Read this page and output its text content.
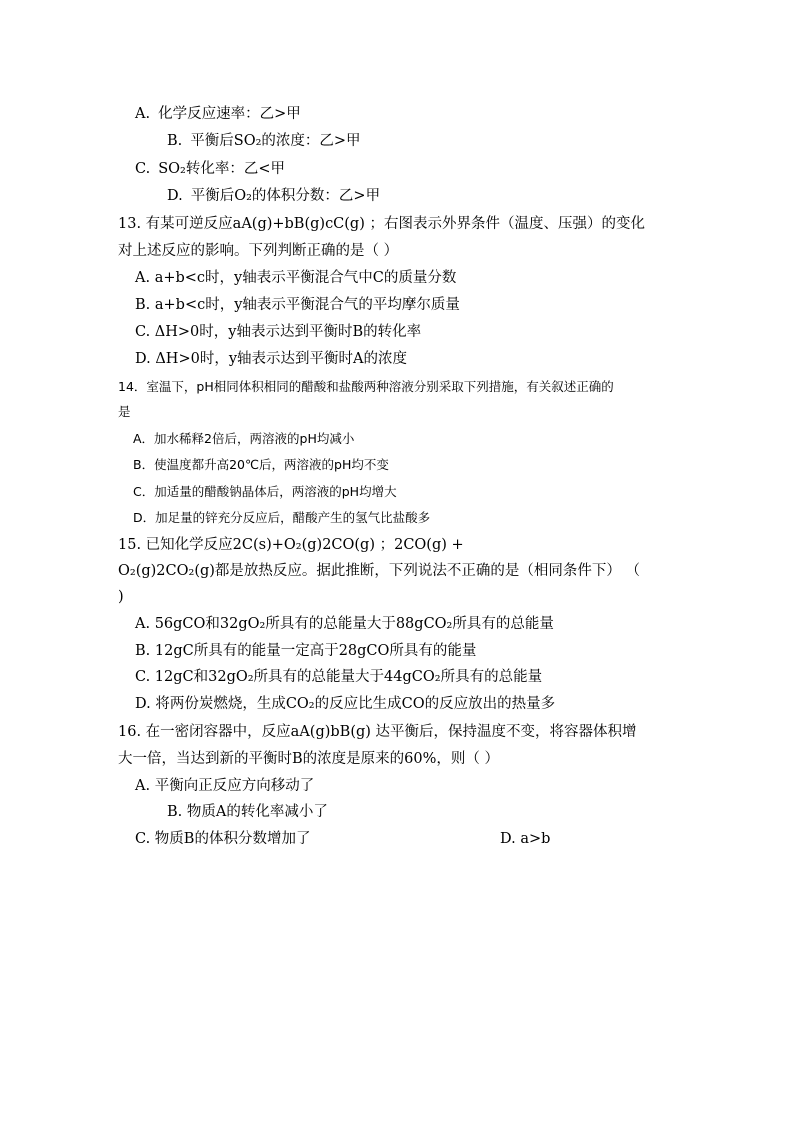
A. 化学反应速率：乙>甲
B. 平衡后SO₂的浓度：乙>甲
C. SO₂转化率：乙<甲
D. 平衡后O₂的体积分数：乙>甲
13. 有某可逆反应aA(g)+bB(g)cC(g) ；右图表示外界条件（温度、压强）的变化
对上述反应的影响。下列判断正确的是（ ）
A. a+b<c时，y轴表示平衡混合气中C的质量分数
B. a+b<c时，y轴表示平衡混合气的平均摩尔质量
C. ΔH>0时，y轴表示达到平衡时B的转化率
D. ΔH>0时，y轴表示达到平衡时A的浓度
14．室温下，pH相同体积相同的醋酸和盐酸两种溶液分别采取下列措施，有关叙述正确的
是
A．加水稀释2倍后，两溶液的pH均减小
B．使温度都升高20℃后，两溶液的pH均不变
C．加适量的醋酸钠晶体后，两溶液的pH均增大
D．加足量的锌充分反应后，醋酸产生的氢气比盐酸多
15. 已知化学反应2C(s)+O₂(g)2CO(g) ；2CO(g) +
O₂(g)2CO₂(g)都是放热反应。据此推断，下列说法不正确的是（相同条件下） （
)
A. 56gCO和32gO₂所具有的总能量大于88gCO₂所具有的总能量
B. 12gC所具有的能量一定高于28gCO所具有的能量
C. 12gC和32gO₂所具有的总能量大于44gCO₂所具有的总能量
D. 将两份炭燃烧，生成CO₂的反应比生成CO的反应放出的热量多
16. 在一密闭容器中，反应aA(g)bB(g) 达平衡后，保持温度不变，将容器体积增
大一倍，当达到新的平衡时B的浓度是原来的60%，则（ ）
A. 平衡向正反应方向移动了
B. 物质A的转化率减小了
C. 物质B的体积分数增加了	D. a>b
